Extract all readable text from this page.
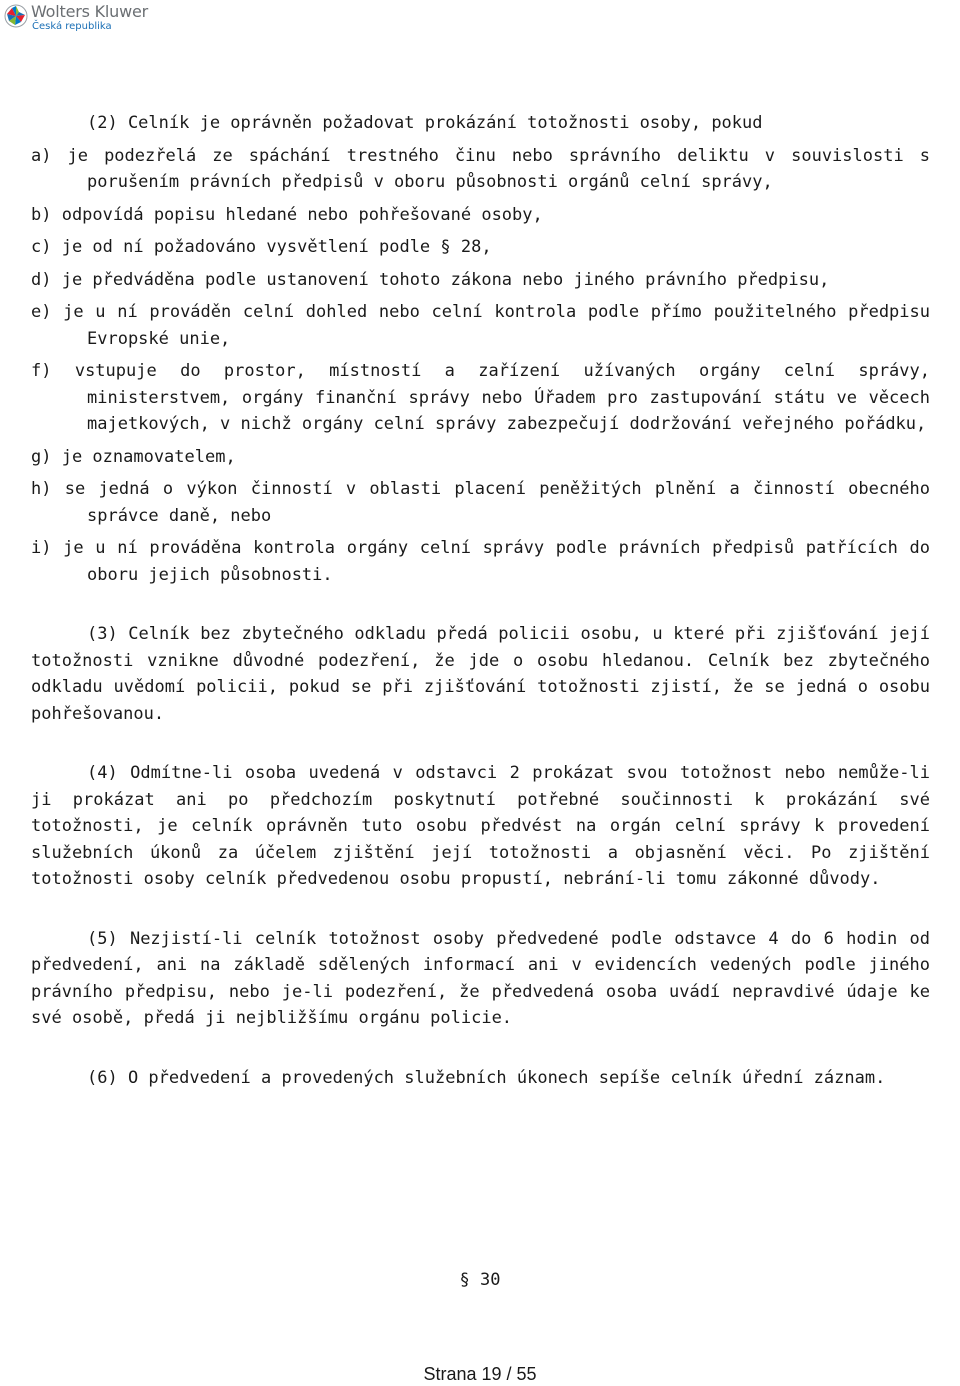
Wolters Kluwer
Česká republika

(2) Celník je oprávněn požadovat prokázání totožnosti osoby, pokud

a) je podezřelá ze spáchání trestného činu nebo správního deliktu v souvislosti s porušením právních předpisů v oboru působnosti orgánů celní správy,

b) odpovídá popisu hledané nebo pohřešované osoby,

c) je od ní požadováno vysvětlení podle § 28,

d) je předváděna podle ustanovení tohoto zákona nebo jiného právního předpisu,

e) je u ní prováděn celní dohled nebo celní kontrola podle přímo použitelného předpisu Evropské unie,

f) vstupuje do prostor, místností a zařízení užívaných orgány celní správy, ministerstvem, orgány finanční správy nebo Úřadem pro zastupování státu ve věcech majetkových, v nichž orgány celní správy zabezpečují dodržování veřejného pořádku,

g) je oznamovatelem,

h) se jedná o výkon činností v oblasti placení peněžitých plnění a činností obecného správce daně, nebo

i) je u ní prováděna kontrola orgány celní správy podle právních předpisů patřících do oboru jejich působnosti.

(3) Celník bez zbytečného odkladu předá policii osobu, u které při zjišťování její totožnosti vznikne důvodné podezření, že jde o osobu hledanou. Celník bez zbytečného odkladu uvědomí policii, pokud se při zjišťování totožnosti zjistí, že se jedná o osobu pohřešovanou.

(4) Odmítne-li osoba uvedená v odstavci 2 prokázat svou totožnost nebo nemůže-li ji prokázat ani po předchozím poskytnutí potřebné součinnosti k prokázání své totožnosti, je celník oprávněn tuto osobu předvést na orgán celní správy k provedení služebních úkonů za účelem zjištění její totožnosti a objasnění věci. Po zjištění totožnosti osoby celník předvedenou osobu propustí, nebrání-li tomu zákonné důvody.

(5) Nezjistí-li celník totožnost osoby předvedené podle odstavce 4 do 6 hodin od předvedení, ani na základě sdělených informací ani v evidencích vedených podle jiného právního předpisu, nebo je-li podezření, že předvedená osoba uvádí nepravdivé údaje ke své osobě, předá ji nejbližšímu orgánu policie.

(6) O předvedení a provedených služebních úkonech sepíše celník úřední záznam.

§ 30
Strana 19 / 55
